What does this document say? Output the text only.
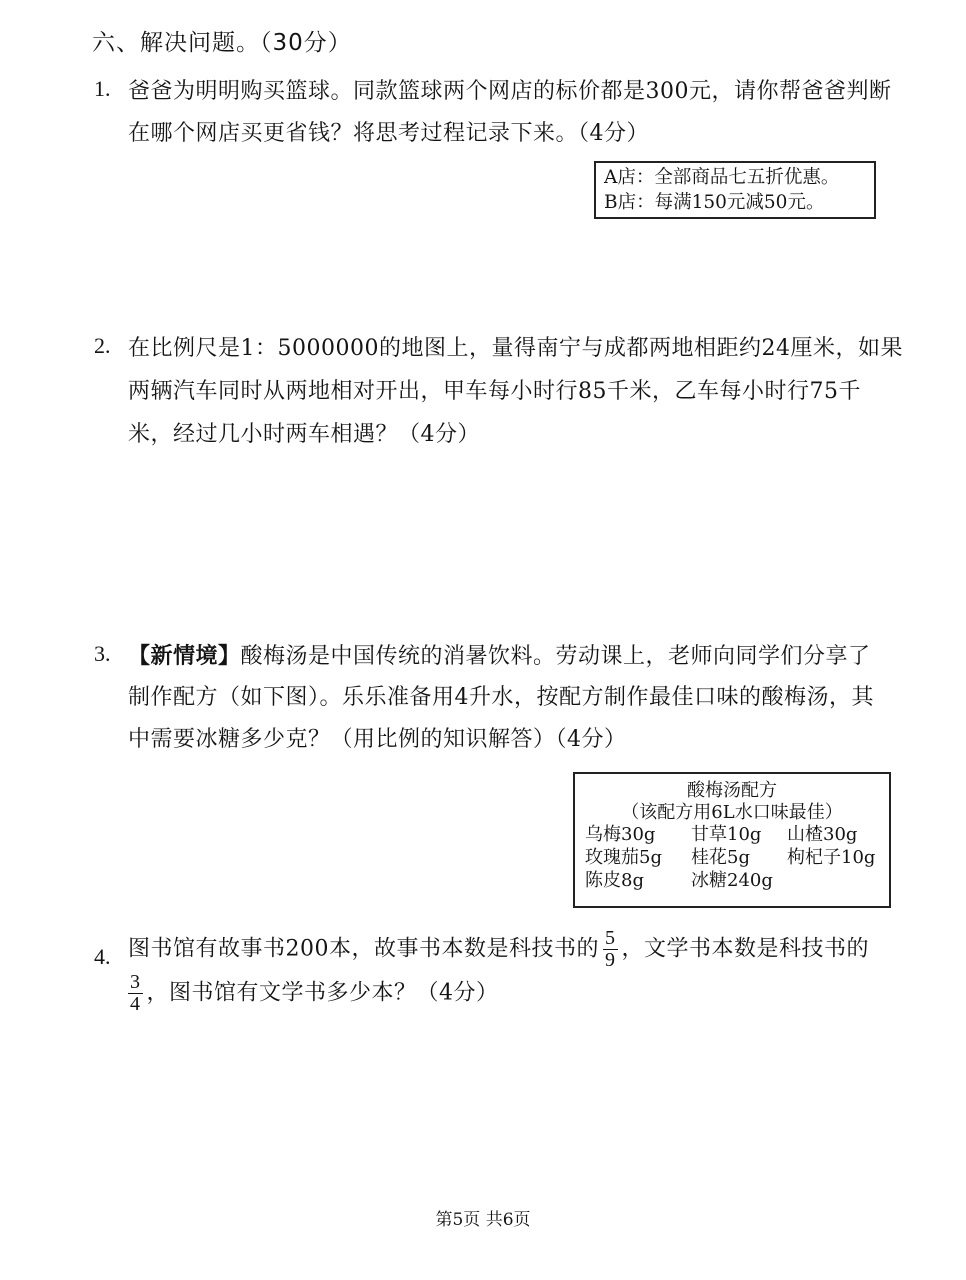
六、解决问题。（30分）
1. 爸爸为明明购买篮球。同款篮球两个网店的标价都是300元，请你帮爸爸判断
在哪个网店买更省钱？将思考过程记录下来。（4分）
A店：全部商品七五折优惠。
B店：每满150元减50元。
2. 在比例尺是1：5000000的地图上，量得南宁与成都两地相距约24厘米，如果
两辆汽车同时从两地相对开出，甲车每小时行85千米，乙车每小时行75千
米，经过几小时两车相遇？（4分）
3. 【新情境】酸梅汤是中国传统的消暑饮料。劳动课上，老师向同学们分享了
制作配方（如下图）。乐乐准备用4升水，按配方制作最佳口味的酸梅汤，其
中需要冰糖多少克？（用比例的知识解答）（4分）
酸梅汤配方
（该配方用6L水口味最佳）
乌梅30g 甘草10g 山楂30g
玫瑰茄5g 桂花5g 枸杞子10g
陈皮8g	冰糖240g
4. 图书馆有故事书200本，故事书本数是科技书的 $\frac{5}{9}$ ，文学书本数是科技书的
$\frac{3}{4}$ ，图书馆有文学书多少本？（4分）
第5页 共6页
